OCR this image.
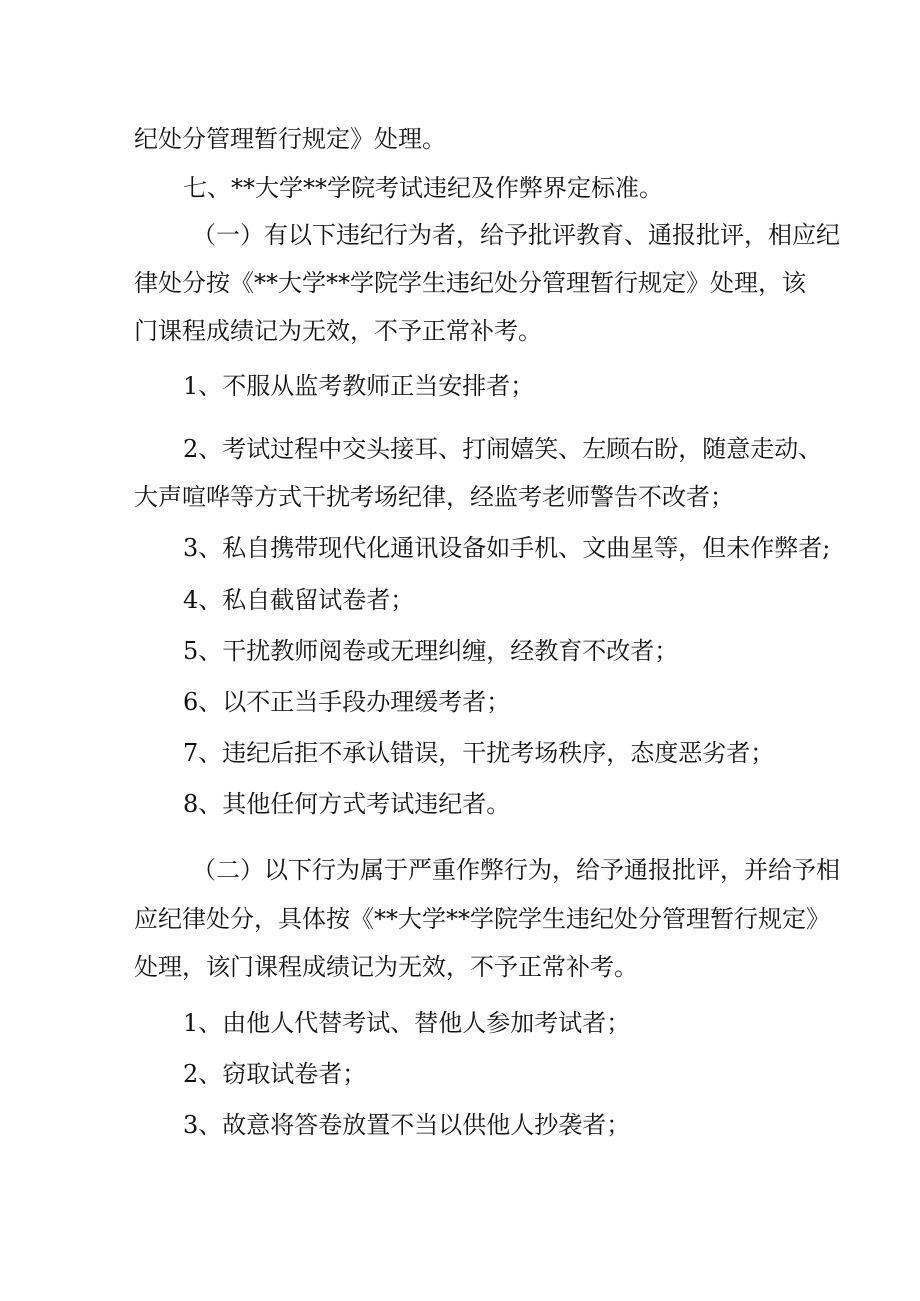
纪处分管理暂行规定》处理。

七、**大学**学院考试违纪及作弊界定标准。

（一）有以下违纪行为者，给予批评教育、通报批评，相应纪

律处分按《**大学**学院学生违纪处分管理暂行规定》处理，该

门课程成绩记为无效，不予正常补考。

1、不服从监考教师正当安排者；

2、考试过程中交头接耳、打闹嬉笑、左顾右盼，随意走动、

大声喧哗等方式干扰考场纪律，经监考老师警告不改者；

3、私自携带现代化通讯设备如手机、文曲星等，但未作弊者;

4、私自截留试卷者；

5、干扰教师阅卷或无理纠缠，经教育不改者；

6、以不正当手段办理缓考者；

7、违纪后拒不承认错误，干扰考场秩序，态度恶劣者；

8、其他任何方式考试违纪者。

（二）以下行为属于严重作弊行为，给予通报批评，并给予相

应纪律处分，具体按《**大学**学院学生违纪处分管理暂行规定》

处理，该门课程成绩记为无效，不予正常补考。

1、由他人代替考试、替他人参加考试者；

2、窃取试卷者；

3、故意将答卷放置不当以供他人抄袭者；
